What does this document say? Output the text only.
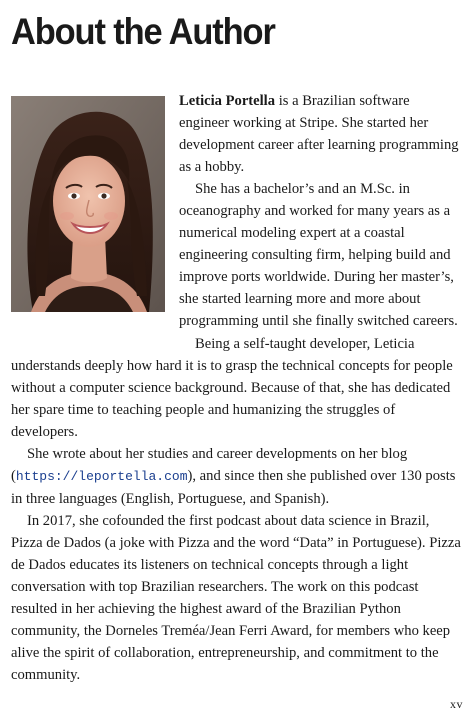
About the Author

Leticia Portella is a Brazilian software engineer working at Stripe. She started her development career after learning programming as a hobby.

She has a bachelor’s and an M.Sc. in oceanography and worked for many years as a numerical modeling expert at a coastal engineering consulting firm, helping build and improve ports worldwide. During her master’s, she started learning more and more about programming until she finally switched careers.

Being a self-taught developer, Leticia understands deeply how hard it is to grasp the technical concepts for people without a computer science background. Because of that, she has dedicated her spare time to teaching people and humanizing the struggles of developers.

She wrote about her studies and career developments on her blog (https://leportella.com), and since then she published over 130 posts in three languages (English, Portuguese, and Spanish).

In 2017, she cofounded the first podcast about data science in Brazil, Pizza de Dados (a joke with Pizza and the word “Data” in Portuguese). Pizza de Dados educates its listeners on technical concepts through a light conversation with top Brazilian researchers. The work on this podcast resulted in her achieving the highest award of the Brazilian Python community, the Dorneles Treméa/Jean Ferri Award, for members who keep alive the spirit of collaboration, entrepreneurship, and commitment to the community.

xv
